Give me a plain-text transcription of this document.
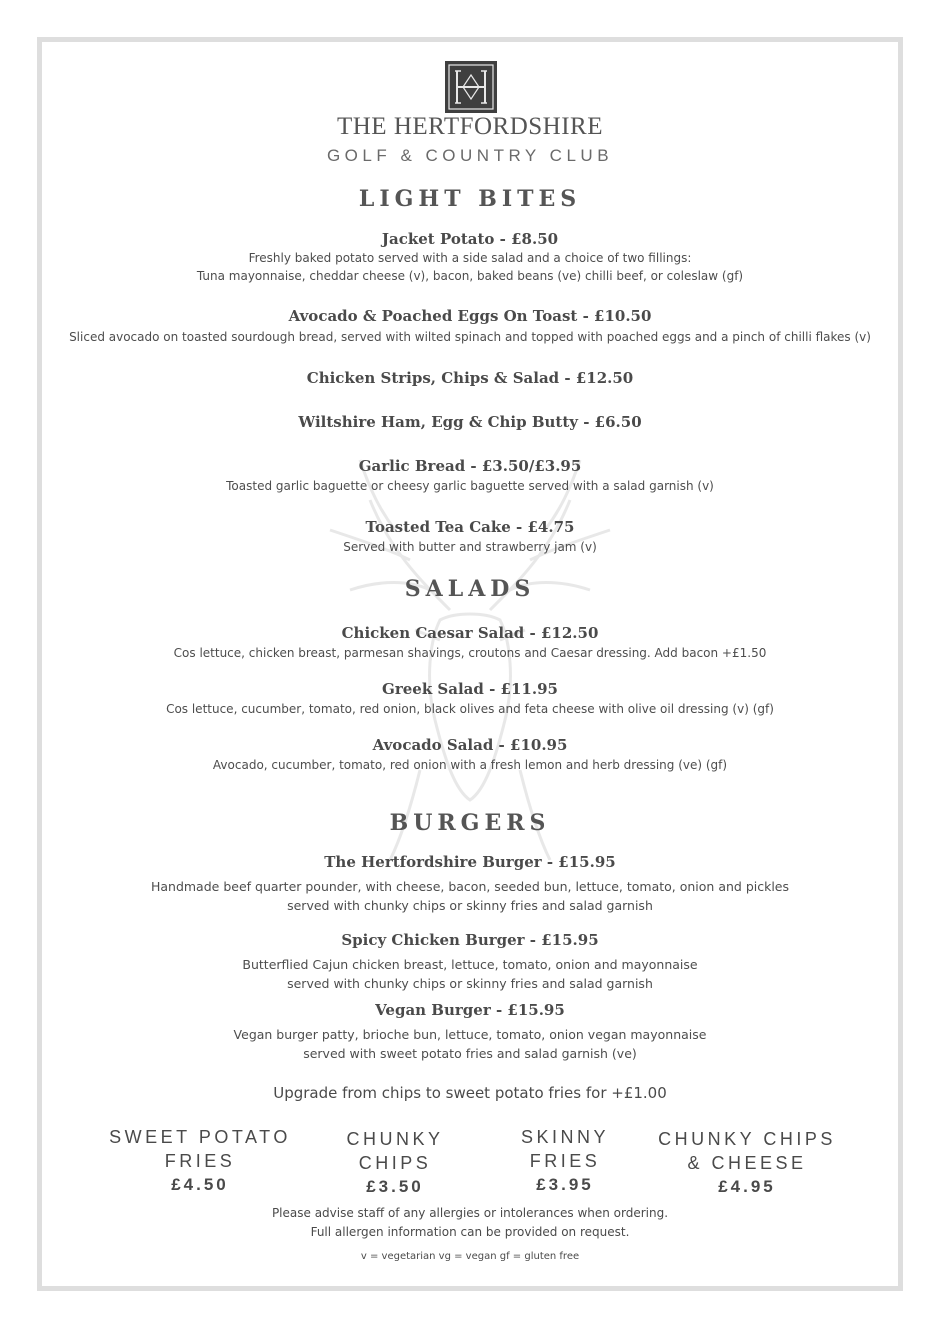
THE HERTFORDSHIRE
GOLF & COUNTRY CLUB
LIGHT BITES
Jacket Potato - £8.50
Freshly baked potato served with a side salad and a choice of two fillings:
Tuna mayonnaise, cheddar cheese (v), bacon, baked beans (ve) chilli beef, or coleslaw (gf)
Avocado & Poached Eggs On Toast - £10.50
Sliced avocado on toasted sourdough bread, served with wilted spinach and topped with poached eggs and a pinch of chilli flakes (v)
Chicken Strips, Chips & Salad - £12.50
Wiltshire Ham, Egg & Chip Butty - £6.50
Garlic Bread - £3.50/£3.95
Toasted garlic baguette or cheesy garlic baguette served with a salad garnish (v)
Toasted Tea Cake - £4.75
Served with butter and strawberry jam (v)
SALADS
Chicken Caesar Salad - £12.50
Cos lettuce, chicken breast, parmesan shavings, croutons and Caesar dressing. Add bacon +£1.50
Greek Salad - £11.95
Cos lettuce, cucumber, tomato, red onion, black olives and feta cheese with olive oil dressing (v) (gf)
Avocado Salad - £10.95
Avocado, cucumber, tomato, red onion with a fresh lemon and herb dressing (ve) (gf)
BURGERS
The Hertfordshire Burger - £15.95
Handmade beef quarter pounder, with cheese, bacon, seeded bun, lettuce, tomato, onion and pickles
served with chunky chips or skinny fries and salad garnish
Spicy Chicken Burger - £15.95
Butterflied Cajun chicken breast, lettuce, tomato, onion and mayonnaise
served with chunky chips or skinny fries and salad garnish
Vegan Burger - £15.95
Vegan burger patty, brioche bun, lettuce, tomato, onion vegan mayonnaise
served with sweet potato fries and salad garnish (ve)
Upgrade from chips to sweet potato fries for +£1.00
SWEET POTATO
FRIES
£4.50
CHUNKY
CHIPS
£3.50
SKINNY
FRIES
£3.95
CHUNKY CHIPS
& CHEESE
£4.95
Please advise staff of any allergies or intolerances when ordering.
Full allergen information can be provided on request.
v = vegetarian vg = vegan gf = gluten free
